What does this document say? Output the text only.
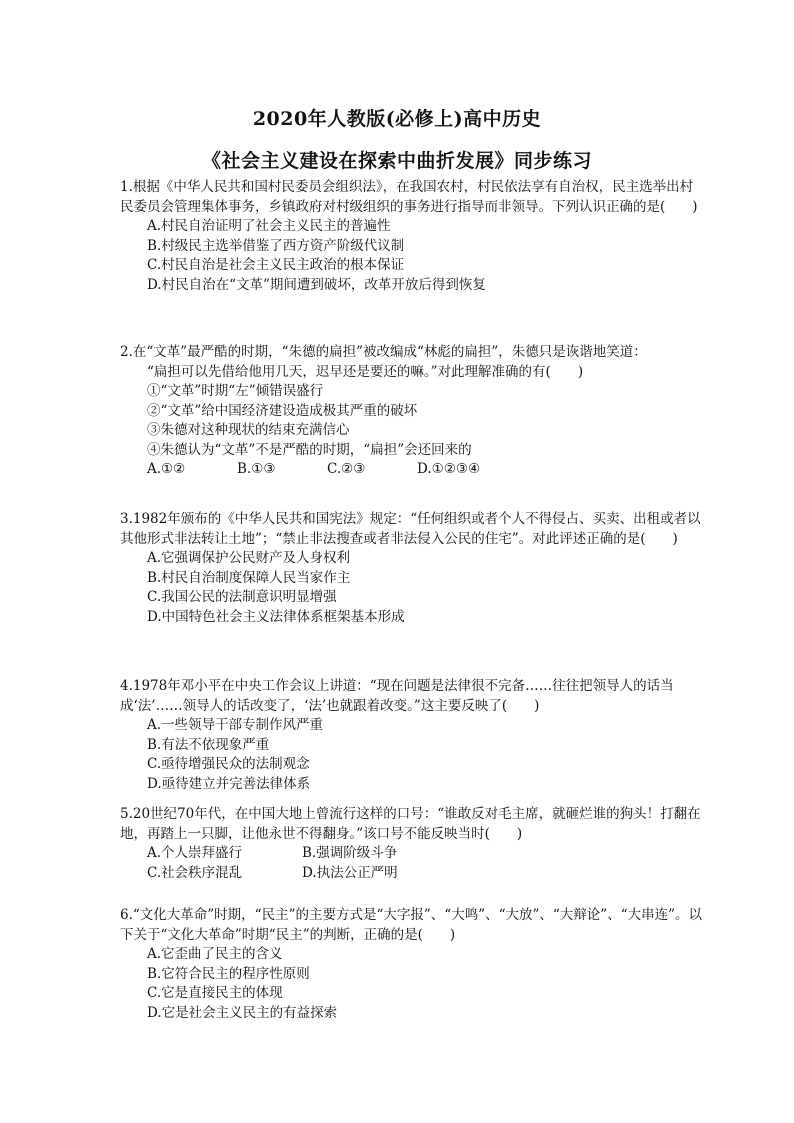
2020年人教版(必修上)高中历史
《社会主义建设在探索中曲折发展》同步练习
1.根据《中华人民共和国村民委员会组织法》，在我国农村，村民依法享有自治权，民主选举出村民委员会管理集体事务，乡镇政府对村级组织的事务进行指导而非领导。下列认识正确的是(　　)
A.村民自治证明了社会主义民主的普遍性
B.村级民主选举借鉴了西方资产阶级代议制
C.村民自治是社会主义民主政治的根本保证
D.村民自治在“文革”期间遭到破坏，改革开放后得到恢复
2.在“文革”最严酷的时期，“朱德的扁担”被改编成“林彪的扁担”，朱德只是诙谐地笑道：
“扁担可以先借给他用几天，迟早还是要还的嘛。”对此理解准确的有(　　)
①“文革”时期“左”倾错误盛行
②“文革”给中国经济建设造成极其严重的破坏
③朱德对这种现状的结束充满信心
④朱德认为“文革”不是严酷的时期，“扁担”会还回来的
A.①②	B.①③	C.②③	D.①②③④
3.1982年颁布的《中华人民共和国宪法》规定：“任何组织或者个人不得侵占、买卖、出租或者以其他形式非法转让土地”；“禁止非法搜查或者非法侵入公民的住宅”。对此评述正确的是(　　)
A.它强调保护公民财产及人身权利
B.村民自治制度保障人民当家作主
C.我国公民的法制意识明显增强
D.中国特色社会主义法律体系框架基本形成
4.1978年邓小平在中央工作会议上讲道：“现在问题是法律很不完备……往往把领导人的话当成‘法’……领导人的话改变了，‘法’也就跟着改变。”这主要反映了(　　)
A.一些领导干部专制作风严重
B.有法不依现象严重
C.亟待增强民众的法制观念
D.亟待建立并完善法律体系
5.20世纪70年代，在中国大地上曾流行这样的口号：“谁敢反对毛主席，就砸烂谁的狗头！打翻在地，再踏上一只脚，让他永世不得翻身。”该口号不能反映当时(　　)
A.个人崇拜盛行	B.强调阶级斗争
C.社会秩序混乱	D.执法公正严明
6.“文化大革命”时期，“民主”的主要方式是“大字报”、“大鸣”、“大放”、“大辩论”、“大串连”。以下关于“文化大革命”时期“民主”的判断，正确的是(　　)
A.它歪曲了民主的含义
B.它符合民主的程序性原则
C.它是直接民主的体现
D.它是社会主义民主的有益探索
